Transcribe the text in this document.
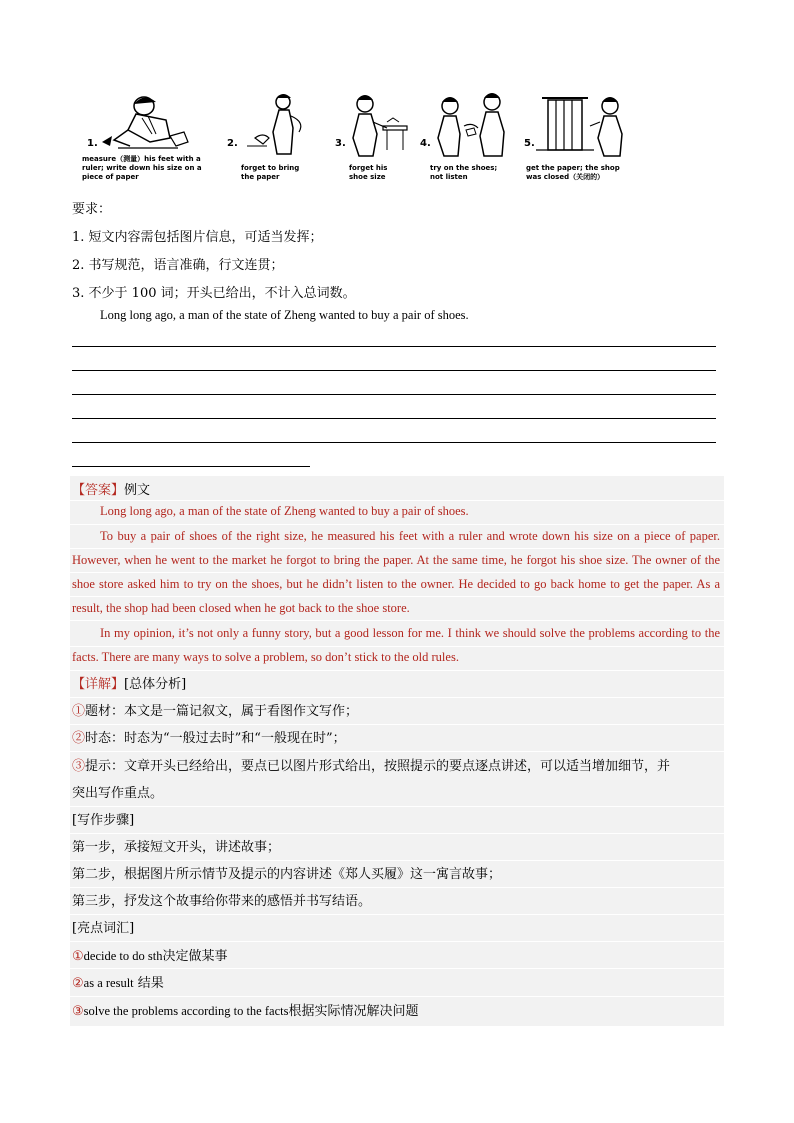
1.
measure（测量）his feet with a
ruler; write down his size on a
piece of paper
2.
forget to bring
the paper
3.
forget his
shoe size
4.
try on the shoes;
not listen
5.
get the paper; the shop
was closed（关闭的）
要求：
1. 短文内容需包括图片信息，可适当发挥；
2. 书写规范，语言准确，行文连贯；
3. 不少于 100 词；开头已给出，不计入总词数。
Long long ago, a man of the state of Zheng wanted to buy a pair of shoes.
【答案】例文
Long long ago, a man of the state of Zheng wanted to buy a pair of shoes.
To buy a pair of shoes of the right size, he measured his feet with a ruler and wrote down his size on a piece of paper. However, when he went to the market he forgot to bring the paper. At the same time, he forgot his shoe size. The owner of the shoe store asked him to try on the shoes, but he didn’t listen to the owner. He decided to go back home to get the paper. As a result, the shop had been closed when he got back to the shoe store.
In my opinion, it’s not only a funny story, but a good lesson for me. I think we should solve the problems according to the facts. There are many ways to solve a problem, so don’t stick to the old rules.
【详解】[总体分析]
①题材：本文是一篇记叙文，属于看图作文写作；
②时态：时态为“一般过去时”和“一般现在时”；
③提示：文章开头已经给出，要点已以图片形式给出，按照提示的要点逐点讲述，可以适当增加细节，并
突出写作重点。
[写作步骤]
第一步，承接短文开头，讲述故事；
第二步，根据图片所示情节及提示的内容讲述《郑人买履》这一寓言故事；
第三步，抒发这个故事给你带来的感悟并书写结语。
[亮点词汇]
①decide to do sth决定做某事
②as a result 结果
③solve the problems according to the facts根据实际情况解决问题
